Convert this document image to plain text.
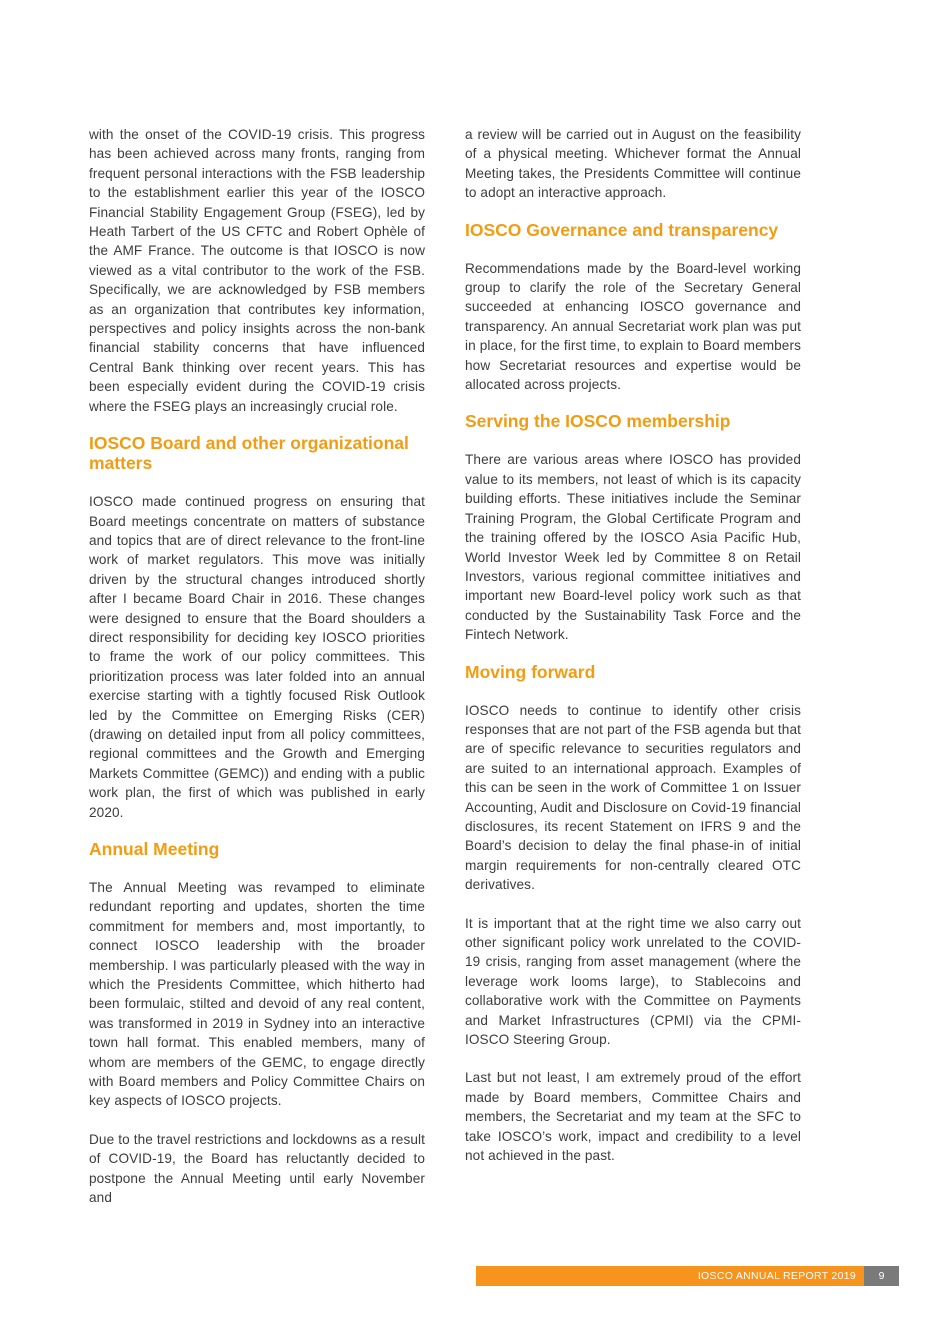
with the onset of the COVID-19 crisis. This progress has been achieved across many fronts, ranging from frequent personal interactions with the FSB leadership to the establishment earlier this year of the IOSCO Financial Stability Engagement Group (FSEG), led by Heath Tarbert of the US CFTC and Robert Ophèle of the AMF France. The outcome is that IOSCO is now viewed as a vital contributor to the work of the FSB. Specifically, we are acknowledged by FSB members as an organization that contributes key information, perspectives and policy insights across the non-bank financial stability concerns that have influenced Central Bank thinking over recent years. This has been especially evident during the COVID-19 crisis where the FSEG plays an increasingly crucial role.

IOSCO Board and other organizational matters

IOSCO made continued progress on ensuring that Board meetings concentrate on matters of substance and topics that are of direct relevance to the front-line work of market regulators. This move was initially driven by the structural changes introduced shortly after I became Board Chair in 2016. These changes were designed to ensure that the Board shoulders a direct responsibility for deciding key IOSCO priorities to frame the work of our policy committees. This prioritization process was later folded into an annual exercise starting with a tightly focused Risk Outlook led by the Committee on Emerging Risks (CER) (drawing on detailed input from all policy committees, regional committees and the Growth and Emerging Markets Committee (GEMC)) and ending with a public work plan, the first of which was published in early 2020.

Annual Meeting

The Annual Meeting was revamped to eliminate redundant reporting and updates, shorten the time commitment for members and, most importantly, to connect IOSCO leadership with the broader membership. I was particularly pleased with the way in which the Presidents Committee, which hitherto had been formulaic, stilted and devoid of any real content, was transformed in 2019 in Sydney into an interactive town hall format. This enabled members, many of whom are members of the GEMC, to engage directly with Board members and Policy Committee Chairs on key aspects of IOSCO projects.

Due to the travel restrictions and lockdowns as a result of COVID-19, the Board has reluctantly decided to postpone the Annual Meeting until early November and

a review will be carried out in August on the feasibility of a physical meeting. Whichever format the Annual Meeting takes, the Presidents Committee will continue to adopt an interactive approach.

IOSCO Governance and transparency

Recommendations made by the Board-level working group to clarify the role of the Secretary General succeeded at enhancing IOSCO governance and transparency. An annual Secretariat work plan was put in place, for the first time, to explain to Board members how Secretariat resources and expertise would be allocated across projects.

Serving the IOSCO membership

There are various areas where IOSCO has provided value to its members, not least of which is its capacity building efforts. These initiatives include the Seminar Training Program, the Global Certificate Program and the training offered by the IOSCO Asia Pacific Hub, World Investor Week led by Committee 8 on Retail Investors, various regional committee initiatives and important new Board-level policy work such as that conducted by the Sustainability Task Force and the Fintech Network.

Moving forward

IOSCO needs to continue to identify other crisis responses that are not part of the FSB agenda but that are of specific relevance to securities regulators and are suited to an international approach. Examples of this can be seen in the work of Committee 1 on Issuer Accounting, Audit and Disclosure on Covid-19 financial disclosures, its recent Statement on IFRS 9 and the Board’s decision to delay the final phase-in of initial margin requirements for non-centrally cleared OTC derivatives.

It is important that at the right time we also carry out other significant policy work unrelated to the COVID-19 crisis, ranging from asset management (where the leverage work looms large), to Stablecoins and collaborative work with the Committee on Payments and Market Infrastructures (CPMI) via the CPMI-IOSCO Steering Group.

Last but not least, I am extremely proud of the effort made by Board members, Committee Chairs and members, the Secretariat and my team at the SFC to take IOSCO’s work, impact and credibility to a level not achieved in the past.

IOSCO ANNUAL REPORT 2019	9
